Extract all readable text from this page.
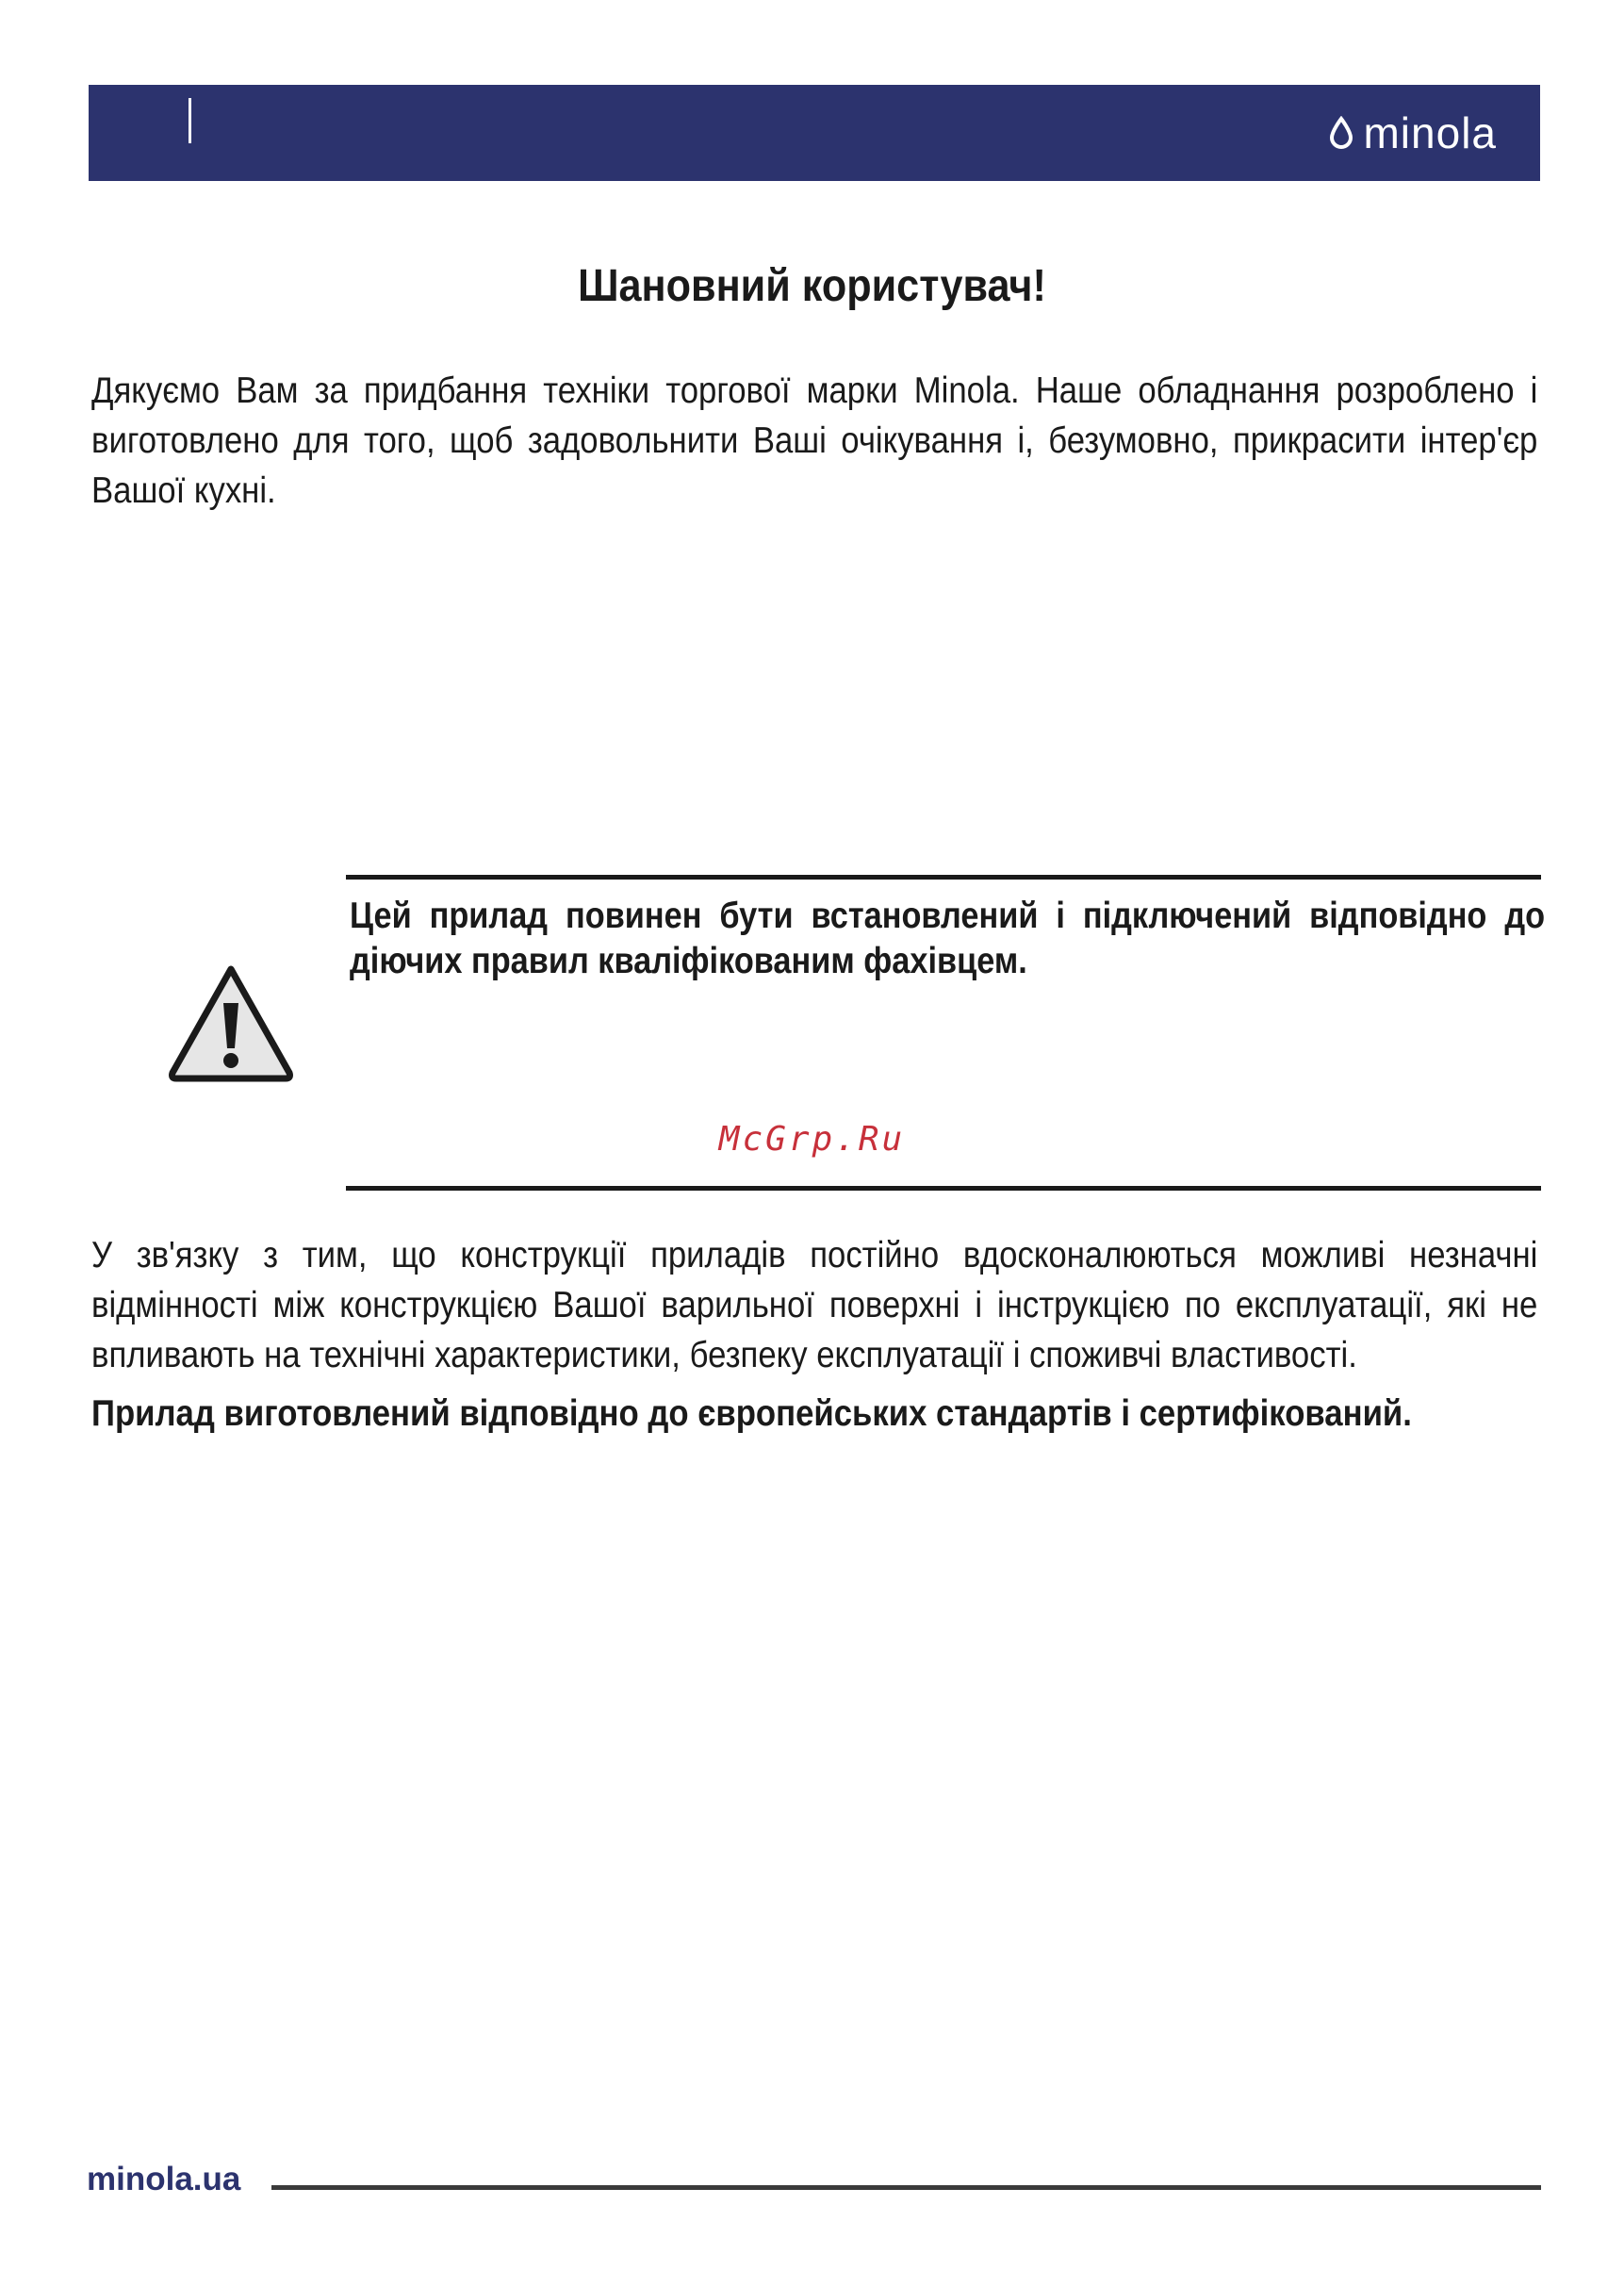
minola
Шановний користувач!
Дякуємо Вам за придбання техніки торгової марки Minola. Наше обладнання розроблено і
виготовлено для того, щоб задовольнити Ваші очікування і, безумовно, прикрасити інтер'єр
Вашої кухні.
Цей прилад повинен бути встановлений і підключений відповідно до
діючих правил кваліфікованим фахівцем.
McGrp.Ru
У зв'язку з тим, що конструкції приладів постійно вдосконалюються можливі незначні
відмінності між конструкцією Вашої варильної поверхні і інструкцією по експлуатації, які не
впливають на технічні характеристики, безпеку експлуатації і споживчі властивості.
Прилад виготовлений відповідно до європейських стандартів і сертифікований.
minola.ua
